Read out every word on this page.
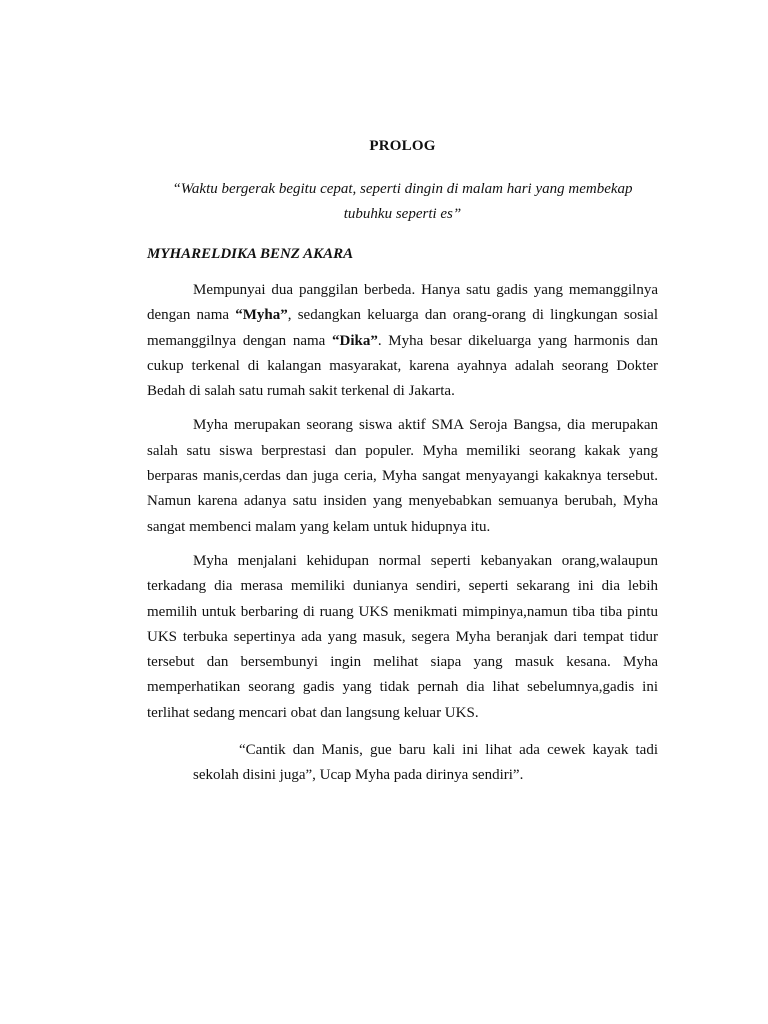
PROLOG
“Waktu bergerak begitu cepat, seperti dingin di malam hari yang membekap tubuhku seperti es”
MYHARELDIKA BENZ AKARA

Mempunyai dua panggilan berbeda. Hanya satu gadis yang memanggilnya dengan nama “Myha”, sedangkan keluarga dan orang-orang di lingkungan sosial memanggilnya dengan nama “Dika”. Myha besar dikeluarga yang harmonis dan cukup terkenal di kalangan masyarakat, karena ayahnya adalah seorang Dokter Bedah di salah satu rumah sakit terkenal di Jakarta.

Myha merupakan seorang siswa aktif SMA Seroja Bangsa, dia merupakan salah satu siswa berprestasi dan populer. Myha memiliki seorang kakak yang berparas manis,cerdas dan juga ceria, Myha sangat menyayangi kakaknya tersebut. Namun karena adanya satu insiden yang menyebabkan semuanya berubah, Myha sangat membenci malam yang kelam untuk hidupnya itu.

Myha menjalani kehidupan normal seperti kebanyakan orang,walaupun terkadang dia merasa memiliki dunianya sendiri, seperti sekarang ini dia lebih memilih untuk berbaring di ruang UKS menikmati mimpinya,namun tiba tiba pintu UKS terbuka sepertinya ada yang masuk, segera Myha beranjak dari tempat tidur tersebut dan bersembunyi ingin melihat siapa yang masuk kesana. Myha memperhatikan seorang gadis yang tidak pernah dia lihat sebelumnya,gadis ini terlihat sedang mencari obat dan langsung keluar UKS.

“Cantik dan Manis, gue baru kali ini lihat ada cewek kayak tadi sekolah disini juga”, Ucap Myha pada dirinya sendiri”.
